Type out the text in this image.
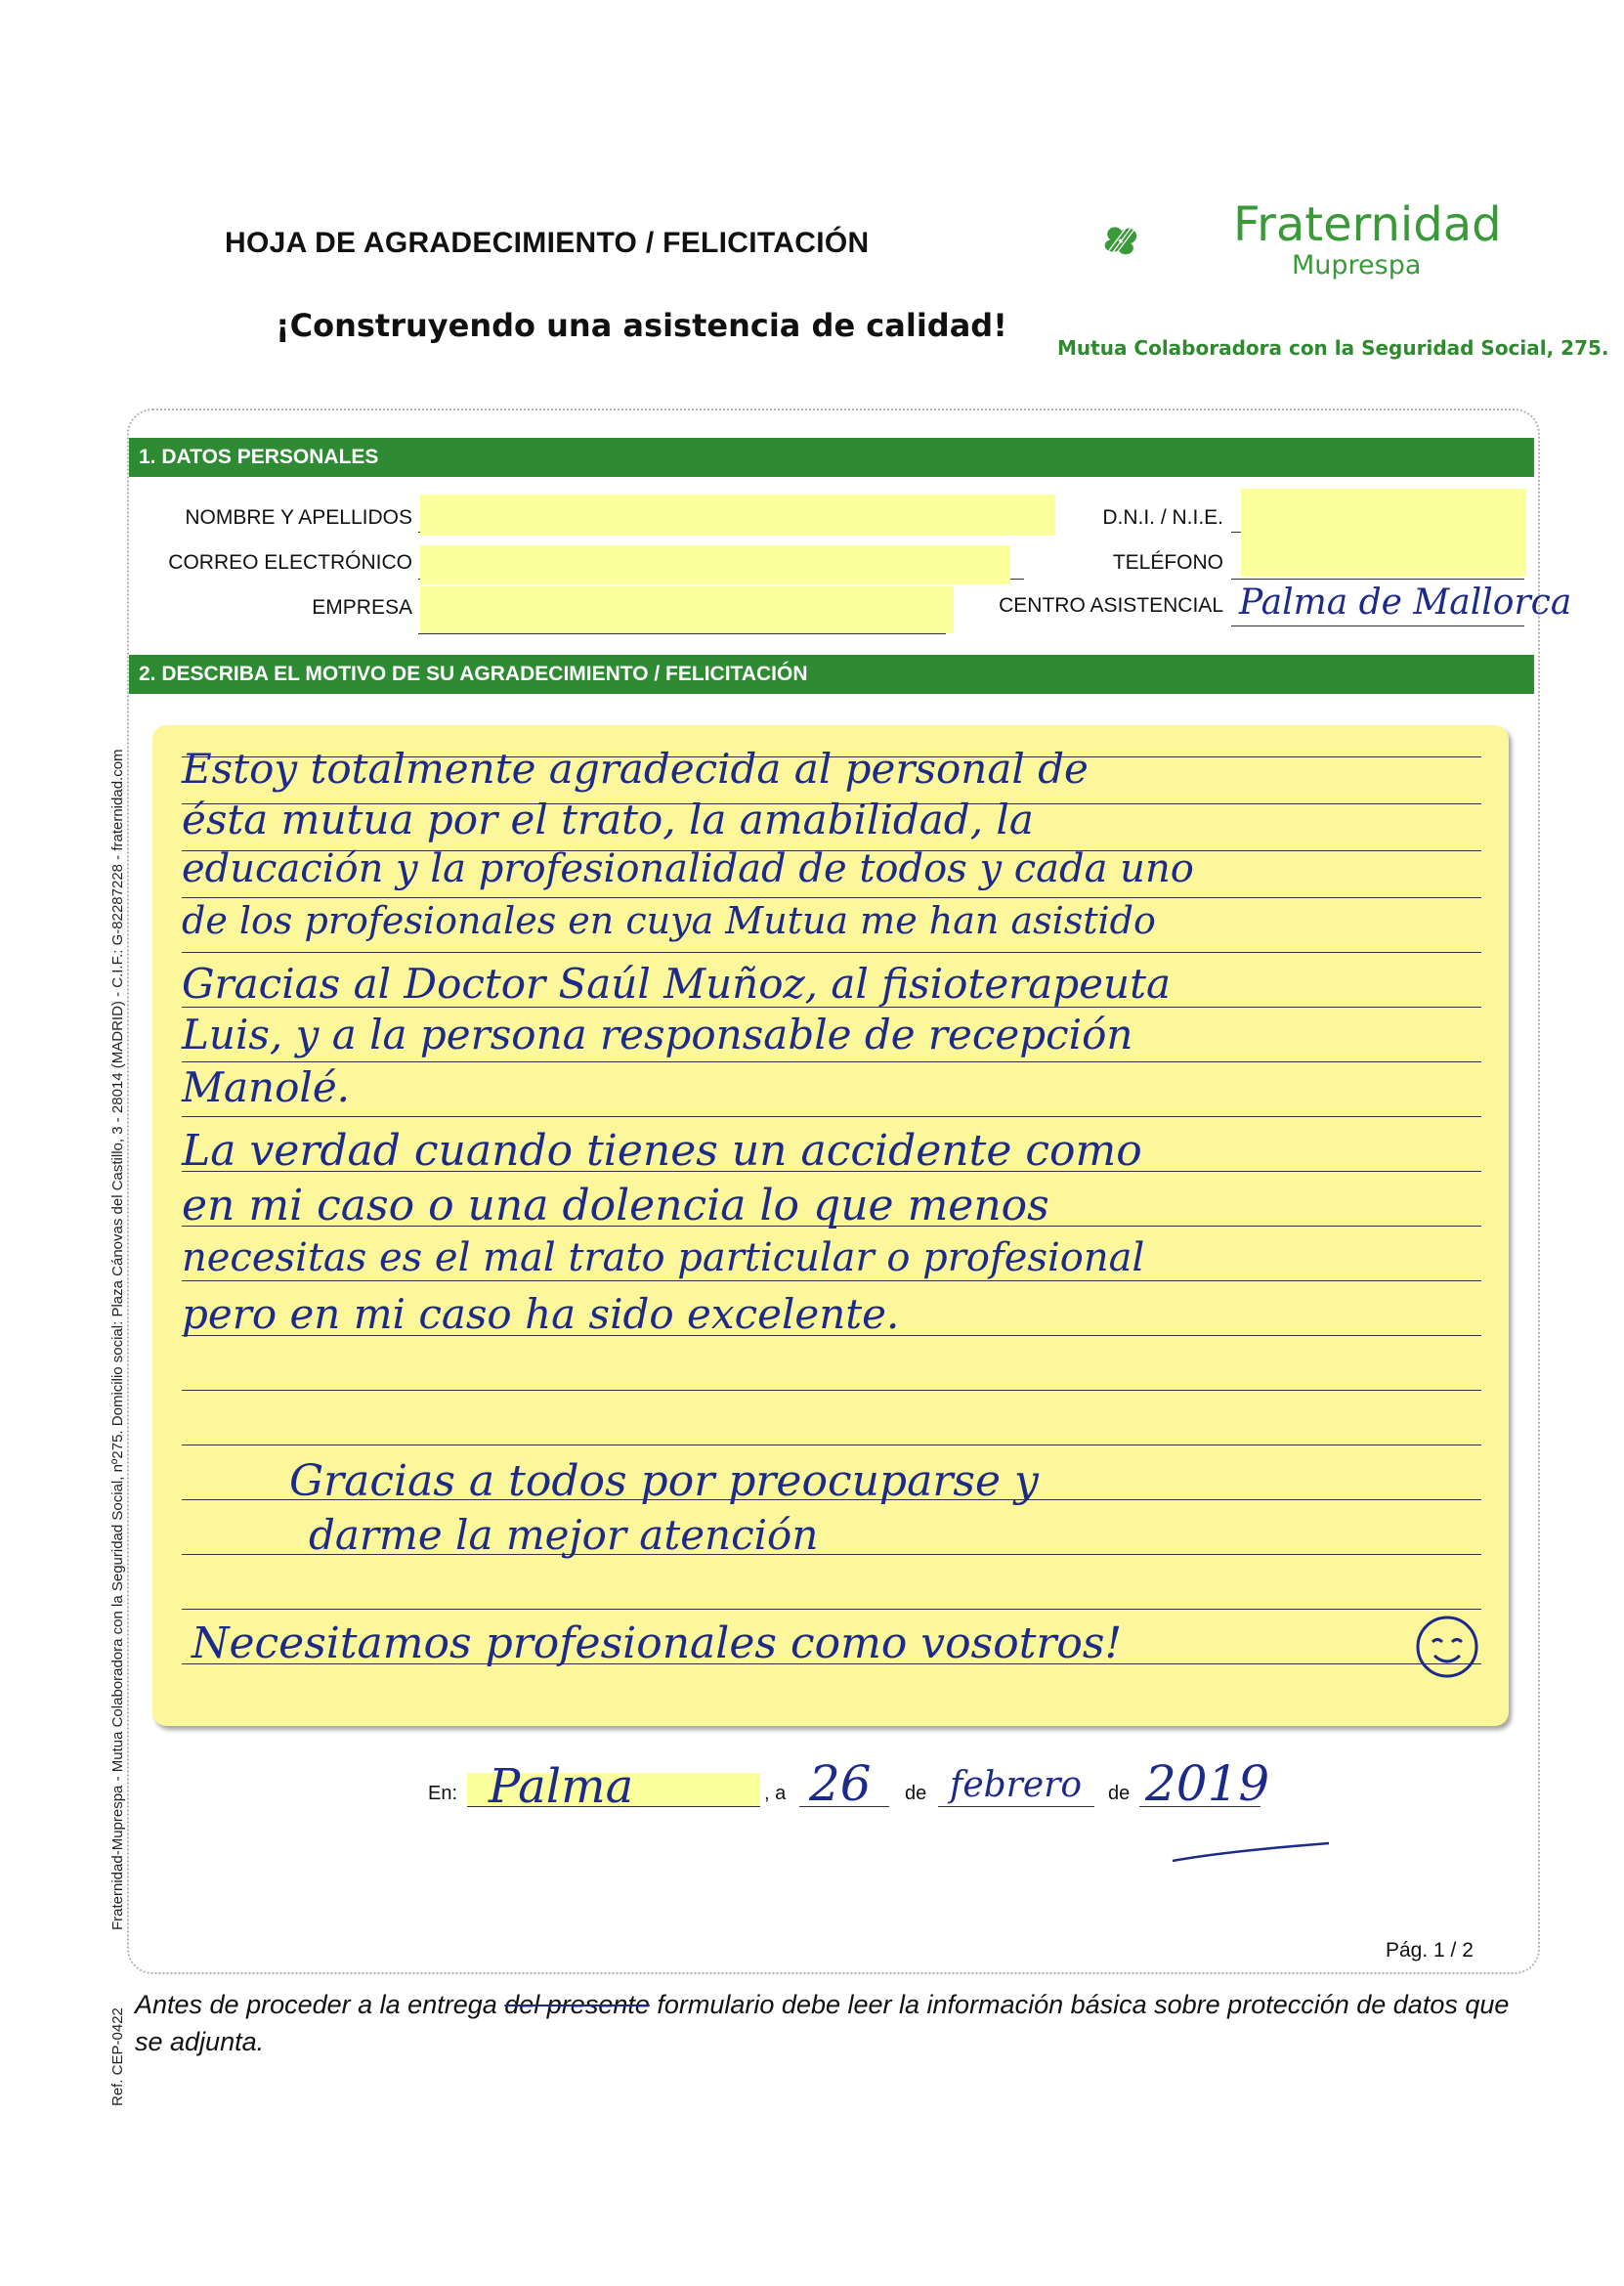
HOJA DE AGRADECIMIENTO / FELICITACIÓN
¡Construyendo una asistencia de calidad!
Fraternidad
Muprespa
Mutua Colaboradora con la Seguridad Social, 275.
Fraternidad-Muprespa - Mutua Colaboradora con la Seguridad Social, nº275. Domicilio social: Plaza Cánovas del Castillo, 3 - 28014 (MADRID) - C.I.F.: G-82287228 - fraternidad.com
Ref. CEP-0422
1. DATOS PERSONALES
NOMBRE Y APELLIDOS
CORREO ELECTRÓNICO
EMPRESA
D.N.I. / N.I.E.
TELÉFONO
CENTRO ASISTENCIAL Palma de Mallorca
2. DESCRIBA EL MOTIVO DE SU AGRADECIMIENTO / FELICITACIÓN
Estoy totalmente agradecida al personal de
ésta mutua por el trato, la amabilidad, la
educación y la profesionalidad de todos y cada uno
de los profesionales en cuya Mutua me han asistido
Gracias al Doctor Saúl Muñoz, al fisioterapeuta
Luis, y a la persona responsable de recepción
Manolé.
La verdad cuando tienes un accidente como
en mi caso o una dolencia lo que menos
necesitas es el mal trato particular o profesional
pero en mi caso ha sido excelente.
Gracias a todos por preocuparse y
darme la mejor atención
Necesitamos profesionales como vosotros!
En: Palma	, a 26 de febrero de 2019
Pág. 1 / 2
Antes de proceder a la entrega del presente formulario debe leer la información básica sobre protección de datos que se adjunta.
